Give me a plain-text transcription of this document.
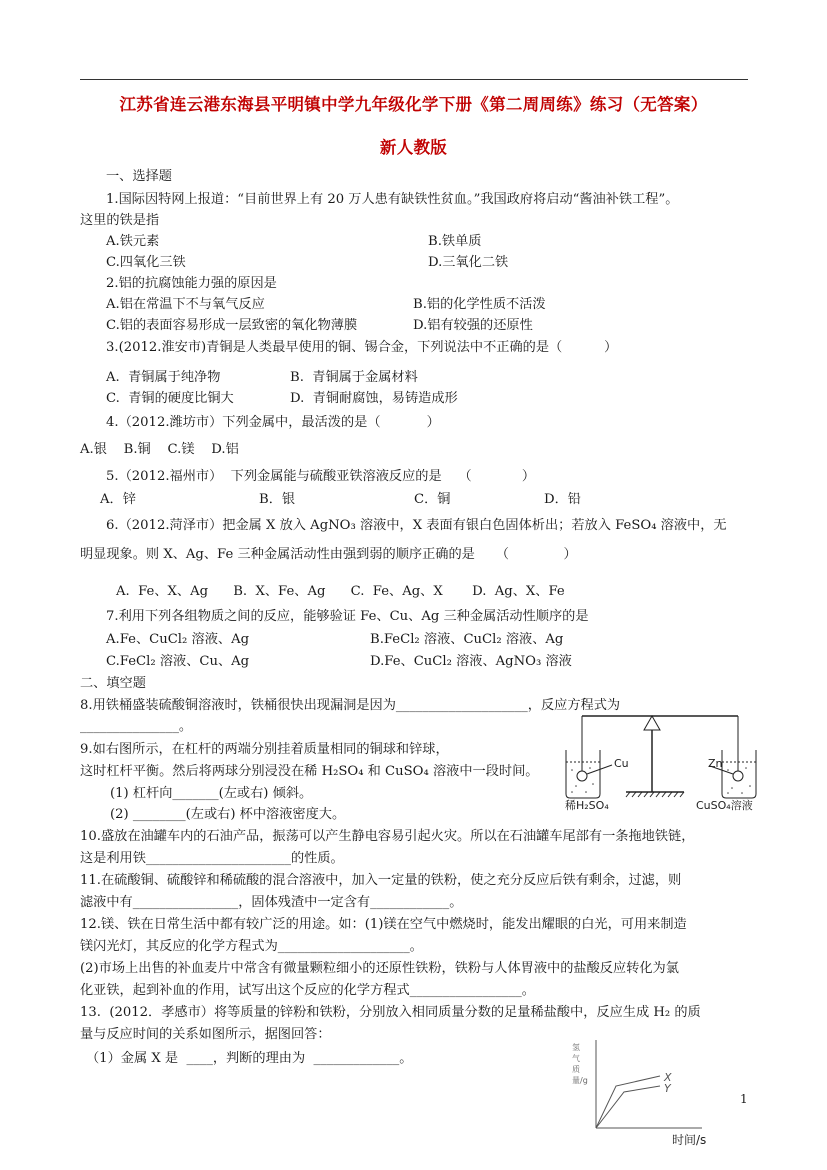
江苏省连云港东海县平明镇中学九年级化学下册《第二周周练》练习（无答案）
新人教版
一、选择题
1.国际因特网上报道：“目前世界上有 20 万人患有缺铁性贫血。”我国政府将启动“酱油补铁工程”。
这里的铁是指
A.铁元素	B.铁单质
C.四氧化三铁	D.三氧化二铁
2.铝的抗腐蚀能力强的原因是
A.铝在常温下不与氧气反应	B.铝的化学性质不活泼
C.铝的表面容易形成一层致密的氧化物薄膜	D.铝有较强的还原性
3.(2012.淮安市)青铜是人类最早使用的铜、锡合金，下列说法中不正确的是（          ）
A.  青铜属于纯净物	B.  青铜属于金属材料
C.  青铜的硬度比铜大	D.  青铜耐腐蚀，易铸造成形
4.（2012.潍坊市）下列金属中，最活泼的是（           ）
A.银    B.铜    C.镁    D.铝
5.（2012.福州市）  下列金属能与硫酸亚铁溶液反应的是    （            ）
A．锌	B．银	C．铜	D．铅
6.（2012.菏泽市）把金属 X 放入 AgNO₃ 溶液中，X 表面有银白色固体析出；若放入 FeSO₄ 溶液中，无
明显现象。则 X、Ag、Fe 三种金属活动性由强到弱的顺序正确的是     （             ）
A.  Fe、X、Ag      B.  X、Fe、Ag      C.  Fe、Ag、X       D.  Ag、X、Fe
7.利用下列各组物质之间的反应，能够验证 Fe、Cu、Ag 三种金属活动性顺序的是
A.Fe、CuCl₂ 溶液、Ag	B.FeCl₂ 溶液、CuCl₂ 溶液、Ag
C.FeCl₂ 溶液、Cu、Ag	D.Fe、CuCl₂ 溶液、AgNO₃ 溶液
二、填空题
8.用铁桶盛装硫酸铜溶液时，铁桶很快出现漏洞是因为____________________，反应方程式为
_______________。
9.如右图所示，在杠杆的两端分别挂着质量相同的铜球和锌球，
这时杠杆平衡。然后将两球分别浸没在稀 H₂SO₄ 和 CuSO₄ 溶液中一段时间。
(1) 杠杆向_______(左或右) 倾斜。
(2) ________(左或右) 杯中溶液密度大。
10.盛放在油罐车内的石油产品，振荡可以产生静电容易引起火灾。所以在石油罐车尾部有一条拖地铁链，
这是利用铁______________________的性质。
11.在硫酸铜、硫酸锌和稀硫酸的混合溶液中，加入一定量的铁粉，使之充分反应后铁有剩余，过滤，则
滤液中有________________，固体残渣中一定含有____________。
12.镁、铁在日常生活中都有较广泛的用途。如：(1)镁在空气中燃烧时，能发出耀眼的白光，可用来制造
镁闪光灯，其反应的化学方程式为____________________。
(2)市场上出售的补血麦片中常含有微量颗粒细小的还原性铁粉，铁粉与人体胃液中的盐酸反应转化为氯
化亚铁，起到补血的作用，试写出这个反应的化学方程式_________________。
13.  (2012．孝感市）将等质量的锌粉和铁粉，分别放入相同质量分数的足量稀盐酸中，反应生成 H₂ 的质
量与反应时间的关系如图所示，据图回答：
（1）金属 X 是  ____，判断的理由为  _____________。
Cu	Zn
稀H₂SO₄	CuSO₄溶液
氢气质量/g	X
Y
时间/s
1
